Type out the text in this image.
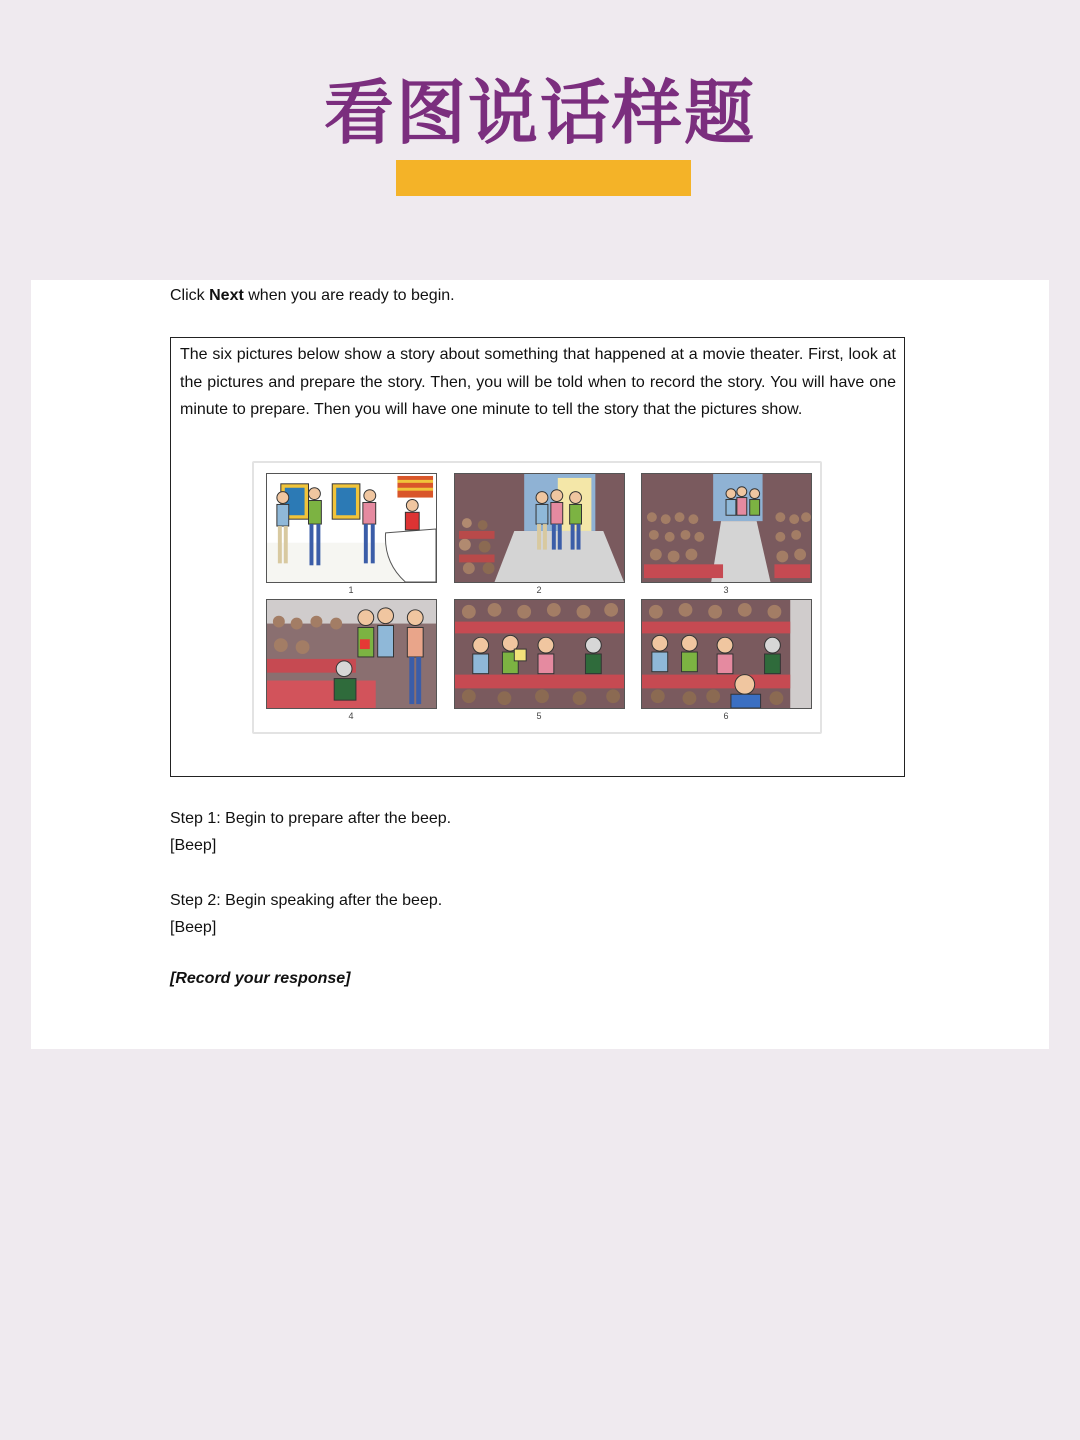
看图说话样题
Click Next when you are ready to begin.
The six pictures below show a story about something that happened at a movie theater. First, look at the pictures and prepare the story. Then, you will be told when to record the story. You will have one minute to prepare. Then you will have one minute to tell the story that the pictures show.
1	2	3
4	5	6
Step 1: Begin to prepare after the beep.
[Beep]
Step 2: Begin speaking after the beep.
[Beep]
[Record your response]
